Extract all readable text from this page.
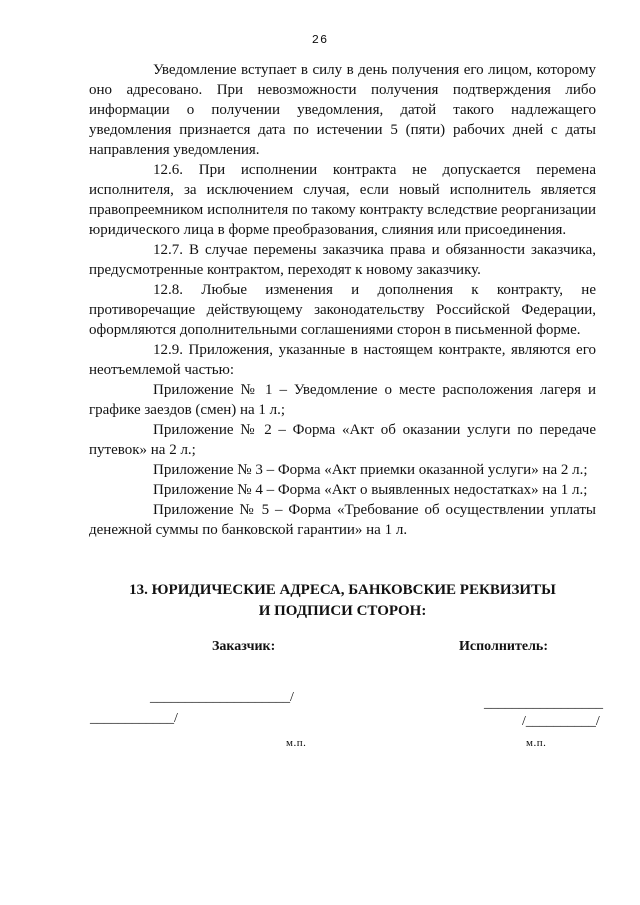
26

Уведомление вступает в силу в день получения его лицом, которому оно адресовано. При невозможности получения подтверждения либо информации о получении уведомления, датой такого надлежащего уведомления признается дата по истечении 5 (пяти) рабочих дней с даты направления уведомления.

12.6. При исполнении контракта не допускается перемена исполнителя, за исключением случая, если новый исполнитель является правопреемником исполнителя по такому контракту вследствие реорганизации юридического лица в форме преобразования, слияния или присоединения.

12.7. В случае перемены заказчика права и обязанности заказчика, предусмотренные контрактом, переходят к новому заказчику.

12.8. Любые изменения и дополнения к контракту, не противоречащие действующему законодательству Российской Федерации, оформляются дополнительными соглашениями сторон в письменной форме.

12.9. Приложения, указанные в настоящем контракте, являются его неотъемлемой частью:

Приложение № 1 – Уведомление о месте расположения лагеря и графике заездов (смен) на 1 л.;

Приложение № 2 – Форма «Акт об оказании услуги по передаче путевок» на 2 л.;

Приложение № 3 – Форма «Акт приемки оказанной услуги» на 2 л.;

Приложение № 4 – Форма «Акт о выявленных недостатках» на 1 л.;

Приложение № 5 – Форма «Требование об осуществлении уплаты денежной суммы по банковской гарантии» на 1 л.

13. ЮРИДИЧЕСКИЕ АДРЕСА, БАНКОВСКИЕ РЕКВИЗИТЫ
И ПОДПИСИ СТОРОН:
Заказчик:	Исполнитель:
____________________/
____________/
м.п.
_________________
/__________/
м.п.
